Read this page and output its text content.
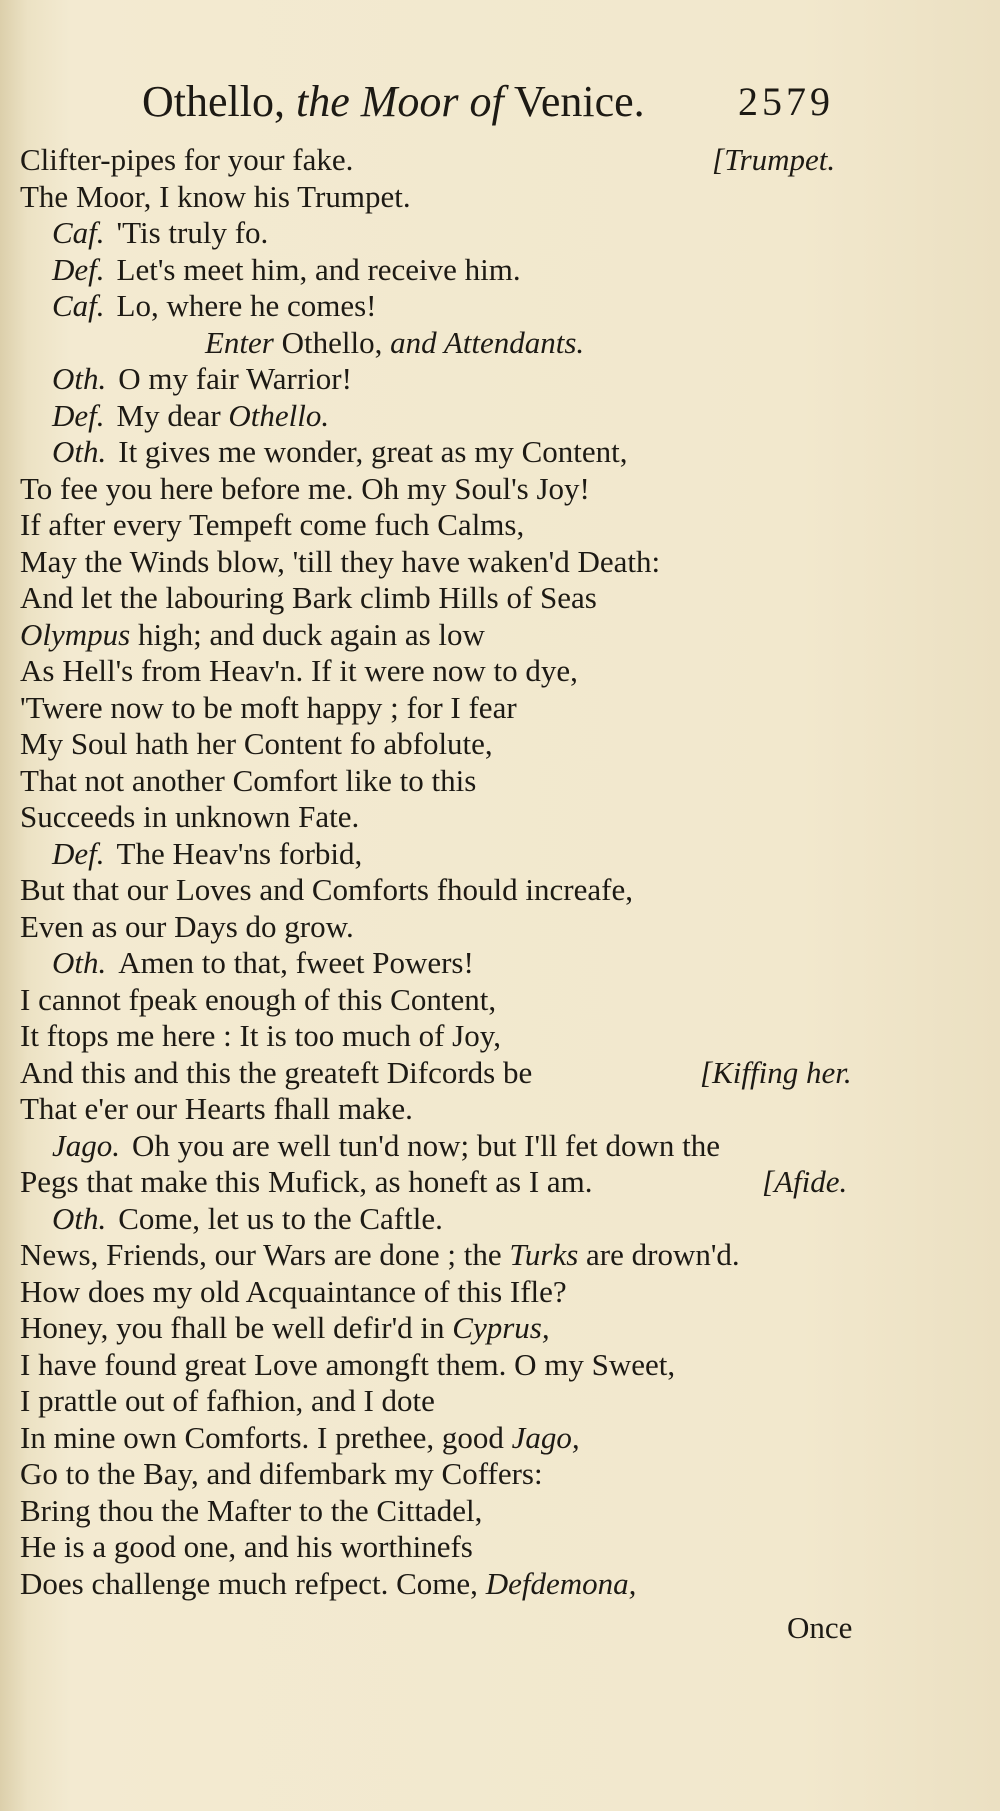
Othello, the Moor of Venice. 2579
Clifter-pipes for your fake.	[Trumpet.
The Moor, I know his Trumpet.
Caf. 'Tis truly fo.
Def. Let's meet him, and receive him.
Caf. Lo, where he comes!
Enter Othello, and Attendants.
Oth. O my fair Warrior!
Def. My dear Othello.
Oth. It gives me wonder, great as my Content,
To fee you here before me. Oh my Soul's Joy!
If after every Tempeft come fuch Calms,
May the Winds blow, 'till they have waken'd Death:
And let the labouring Bark climb Hills of Seas
Olympus high; and duck again as low
As Hell's from Heav'n. If it were now to dye,
'Twere now to be moft happy ; for I fear
My Soul hath her Content fo abfolute,
That not another Comfort like to this
Succeeds in unknown Fate.
Def. The Heav'ns forbid,
But that our Loves and Comforts fhould increafe,
Even as our Days do grow.
Oth. Amen to that, fweet Powers!
I cannot fpeak enough of this Content,
It ftops me here : It is too much of Joy,
And this and this the greateft Difcords be	[Kiffing her.
That e'er our Hearts fhall make.
Jago. Oh you are well tun'd now; but I'll fet down the
Pegs that make this Mufick, as honeft as I am.	[Afide.
Oth. Come, let us to the Caftle.
News, Friends, our Wars are done ; the Turks are drown'd.
How does my old Acquaintance of this Ifle?
Honey, you fhall be well defir'd in Cyprus,
I have found great Love amongft them. O my Sweet,
I prattle out of fafhion, and I dote
In mine own Comforts. I prethee, good Jago,
Go to the Bay, and difembark my Coffers:
Bring thou the Mafter to the Cittadel,
He is a good one, and his worthinefs
Does challenge much refpect. Come, Defdemona,
Once
